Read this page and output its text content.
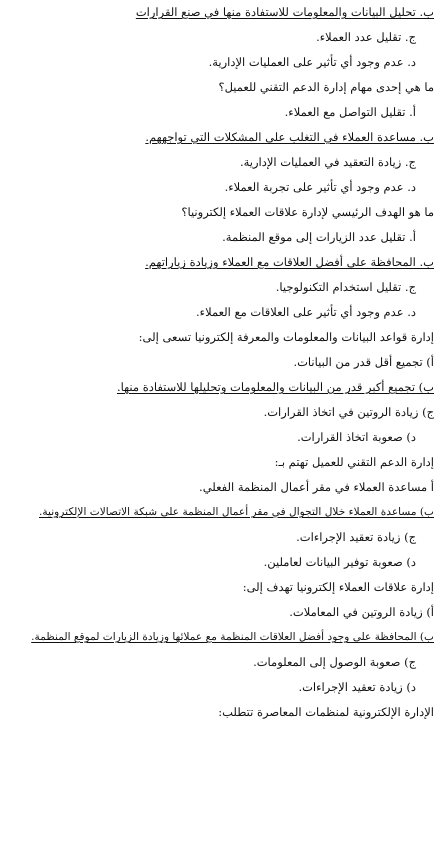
ب. تحليل البيانات والمعلومات للاستفادة منها في صنع القرارات
ج. تقليل عدد العملاء.
د. عدم وجود أي تأثير على العمليات الإدارية.
ما هي إحدى مهام إدارة الدعم التقني للعميل؟
أ. تقليل التواصل مع العملاء.
ب. مساعدة العملاء في التغلب على المشكلات التي تواجههم.
ج. زيادة التعقيد في العمليات الإدارية.
د. عدم وجود أي تأثير على تجربة العملاء.
ما هو الهدف الرئيسي لإدارة علاقات العملاء إلكترونيا؟
أ. تقليل عدد الزيارات إلى موقع المنظمة.
ب. المحافظة على أفضل العلاقات مع العملاء وزيادة زياراتهم.
ج. تقليل استخدام التكنولوجيا.
د. عدم وجود أي تأثير على العلاقات مع العملاء.
إدارة قواعد البيانات والمعلومات والمعرفة إلكترونيا تسعى إلى:
أ) تجميع أقل قدر من البيانات.
ب) تجميع أكبر قدر من البيانات والمعلومات وتحليلها للاستفادة منها.
ج) زيادة الروتين في اتخاذ القرارات.
د) صعوبة اتخاذ القرارات.
إدارة الدعم التقني للعميل تهتم بـ:
أ مساعدة العملاء في مقر أعمال المنظمة الفعلي.
ب) مساعدة العملاء خلال التجوال في مقر أعمال المنظمة على شبكة الاتصالات الإلكترونية.
ج) زيادة تعقيد الإجراءات.
د) صعوبة توفير البيانات لعاملين.
إدارة علاقات العملاء إلكترونيا تهدف إلى:
أ) زيادة الروتين في المعاملات.
ب) المحافظة على وجود أفضل العلاقات المنظمة مع عملائها وزيادة الزيارات لموقع المنظمة.
ج) صعوبة الوصول إلى المعلومات.
د) زيادة تعقيد الإجراءات.
الإدارة الإلكترونية لمنظمات المعاصرة تتطلب:
